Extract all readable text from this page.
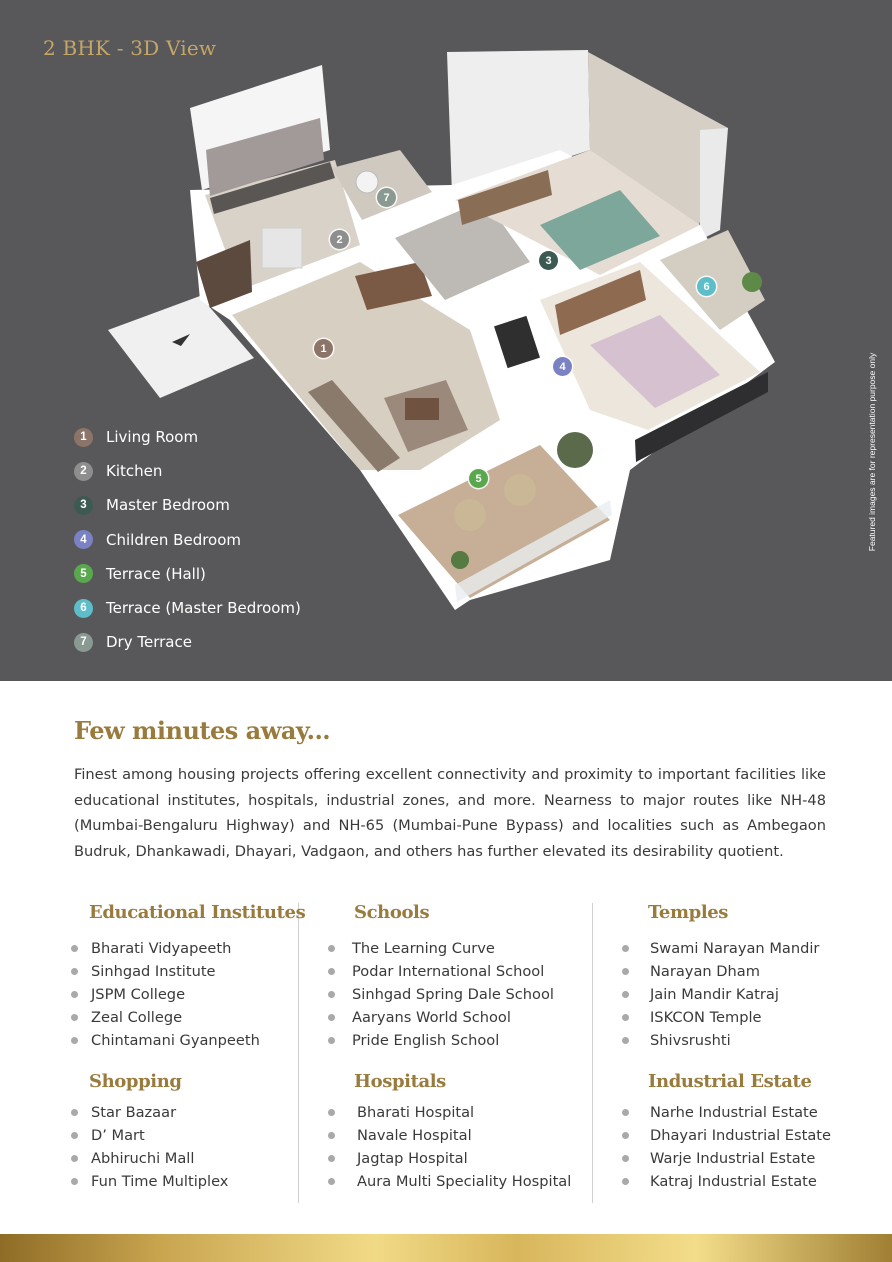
2 BHK - 3D View
7
2
3
6
1
4
5
1	Living Room
2	Kitchen
3	Master Bedroom
4	Children Bedroom
5	Terrace (Hall)
6	Terrace (Master Bedroom)
7	Dry Terrace
Featured images are for representation purpose only
Few minutes away...

Finest among housing projects offering excellent connectivity and proximity to important facilities like educational institutes, hospitals, industrial zones, and more. Nearness to major routes like NH-48 (Mumbai-Bengaluru Highway) and NH-65 (Mumbai-Pune Bypass) and localities such as Ambegaon Budruk, Dhankawadi, Dhayari, Vadgaon, and others has further elevated its desirability quotient.

Educational Institutes
Bharati Vidyapeeth
Sinhgad Institute
JSPM College
Zeal College
Chintamani Gyanpeeth
Schools
The Learning Curve
Podar International School
Sinhgad Spring Dale School
Aaryans World School
Pride English School
Temples
Swami Narayan Mandir
Narayan Dham
Jain Mandir Katraj
ISKCON Temple
Shivsrushti
Shopping
Star Bazaar
D’ Mart
Abhiruchi Mall
Fun Time Multiplex
Hospitals
Bharati Hospital
Navale Hospital
Jagtap Hospital
Aura Multi Speciality Hospital
Industrial Estate
Narhe Industrial Estate
Dhayari Industrial Estate
Warje Industrial Estate
Katraj Industrial Estate
